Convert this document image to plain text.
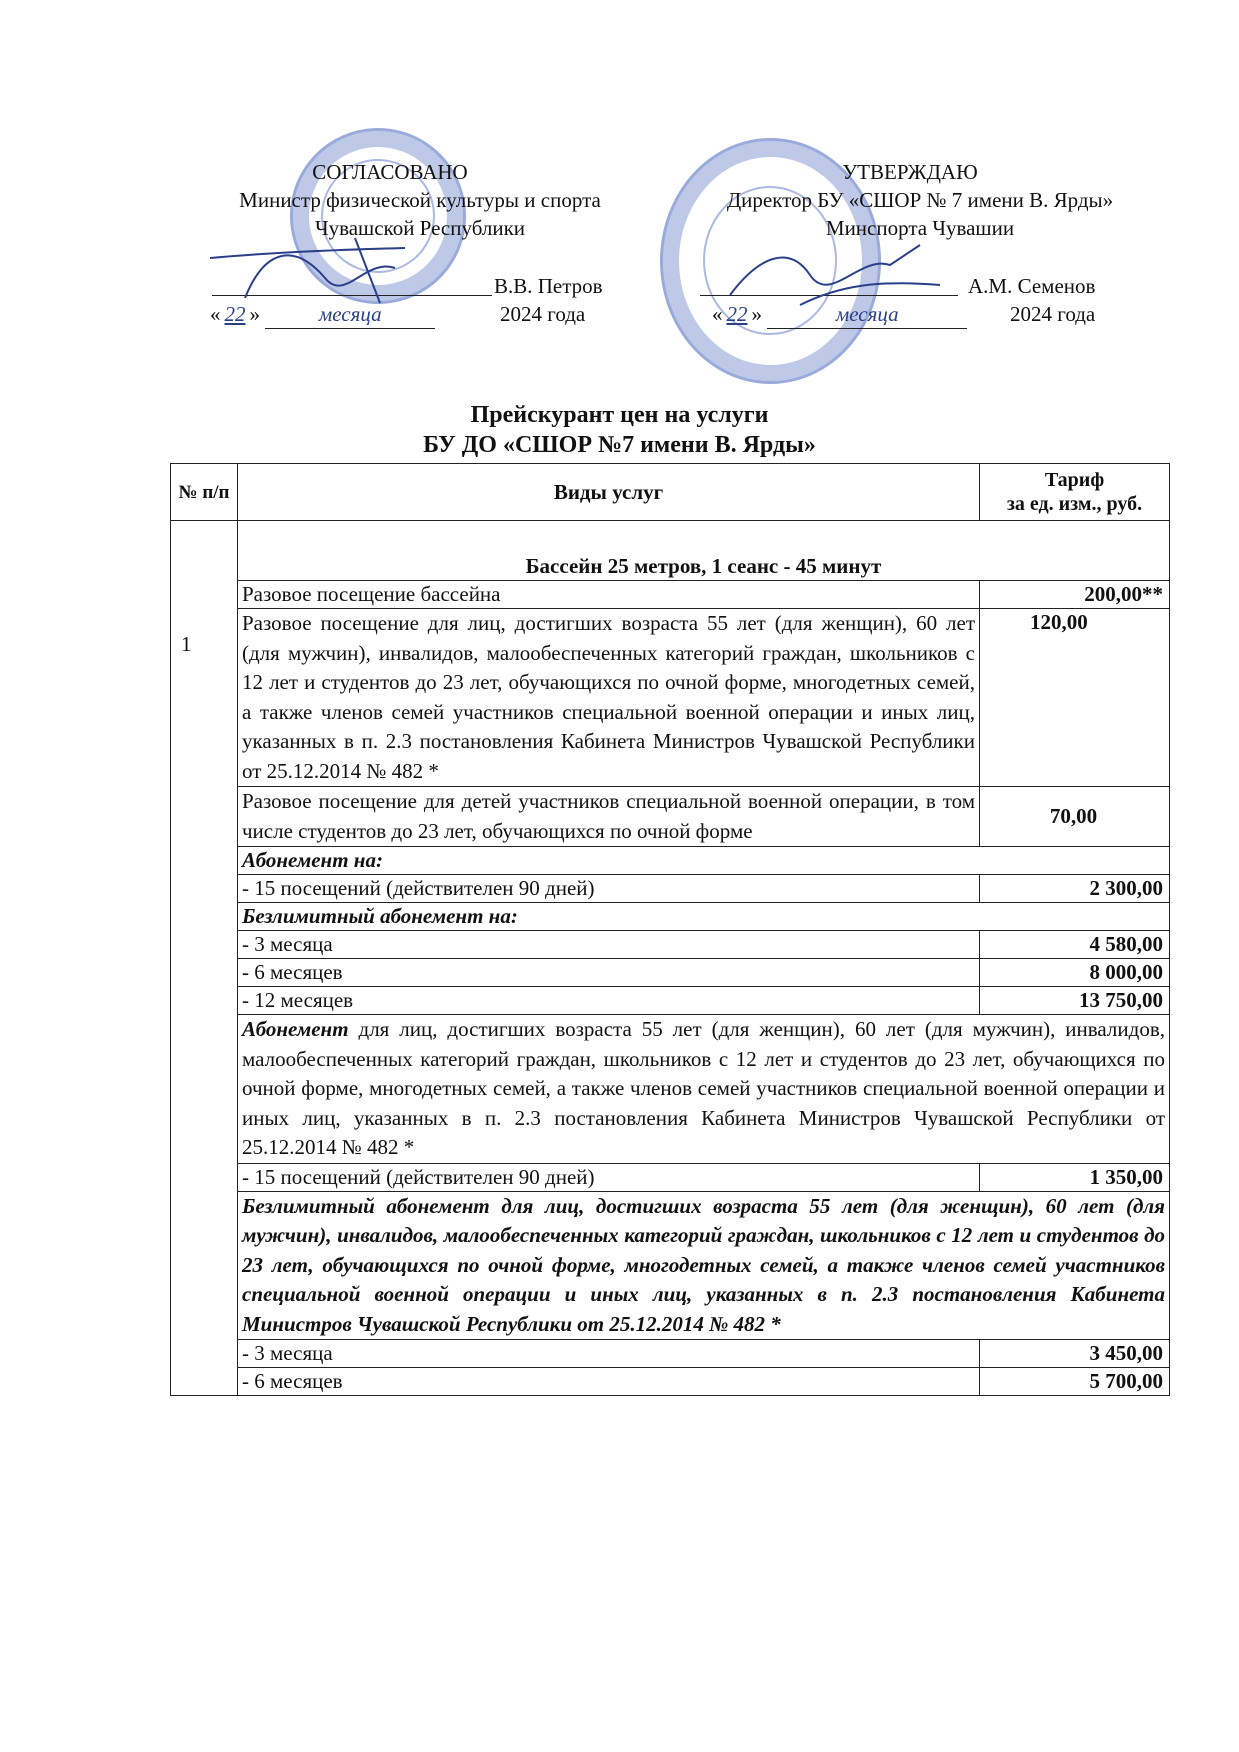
СОГЛАСОВАНО
Министр физической культуры и спорта
Чувашской Республики
В.В. Петров
« 22 »	месяца	2024 года
УТВЕРЖДАЮ
Директор БУ «СШОР № 7 имени В. Ярды»
Минспорта Чувашии
А.М. Семенов
« 22 »	месяца	2024 года
Прейскурант цен на услуги
БУ ДО «СШОР №7 имени В. Ярды»
№ п/п	Виды услуг	Тариф
за ед. изм., руб.

1	Бассейн 25 метров, 1 сеанс - 45 минут	
	Разовое посещение бассейна	200,00**
	Разовое посещение для лиц, достигших возраста 55 лет (для женщин), 60 лет (для мужчин), инвалидов, малообеспеченных категорий граждан, школьников с 12 лет и студентов до 23 лет, обучающихся по очной форме, многодетных семей, а также членов семей участников специальной военной операции и иных лиц, указанных в п. 2.3 постановления Кабинета Министров Чувашской Республики от 25.12.2014 № 482 *	120,00
	Разовое посещение для детей участников специальной военной операции, в том числе студентов до 23 лет, обучающихся по очной форме	70,00
	Абонемент на:	
	- 15 посещений (действителен 90 дней)	2 300,00
	Безлимитный абонемент на:	
	- 3 месяца	4 580,00
	- 6 месяцев	8 000,00
	- 12 месяцев	13 750,00
	Абонемент для лиц, достигших возраста 55 лет (для женщин), 60 лет (для мужчин), инвалидов, малообеспеченных категорий граждан, школьников с 12 лет и студентов до 23 лет, обучающихся по очной форме, многодетных семей, а также членов семей участников специальной военной операции и иных лиц, указанных в п. 2.3 постановления Кабинета Министров Чувашской Республики от 25.12.2014 № 482 *	
	- 15 посещений (действителен 90 дней)	1 350,00
	Безлимитный абонемент для лиц, достигших возраста 55 лет (для женщин), 60 лет (для мужчин), инвалидов, малообеспеченных категорий граждан, школьников с 12 лет и студентов до 23 лет, обучающихся по очной форме, многодетных семей, а также членов семей участников специальной военной операции и иных лиц, указанных в п. 2.3 постановления Кабинета Министров Чувашской Республики от 25.12.2014 № 482 *	
	- 3 месяца	3 450,00
	- 6 месяцев	5 700,00
